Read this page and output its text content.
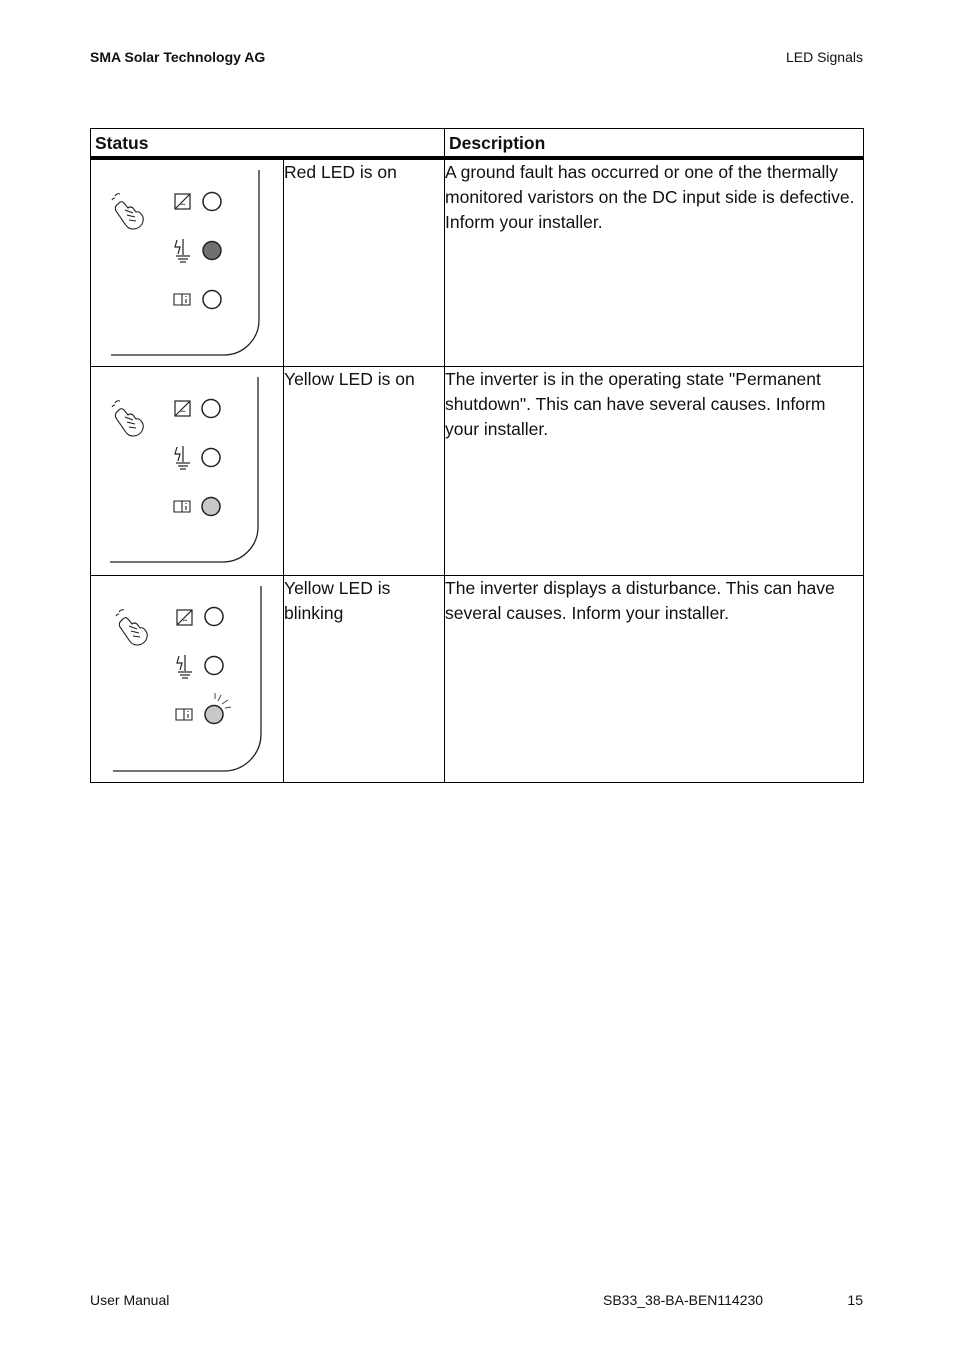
SMA Solar Technology AG	LED Signals
Status		Description

	Red LED is on	A ground fault has occurred or one of the thermally monitored varistors on the DC input side is defective. Inform your installer.

	Yellow LED is on	The inverter is in the operating state "Permanent shutdown". This can have several causes. Inform your installer.

	Yellow LED is blinking	The inverter displays a disturbance. This can have several causes. Inform your installer.
User Manual	SB33_38-BA-BEN114230	15
